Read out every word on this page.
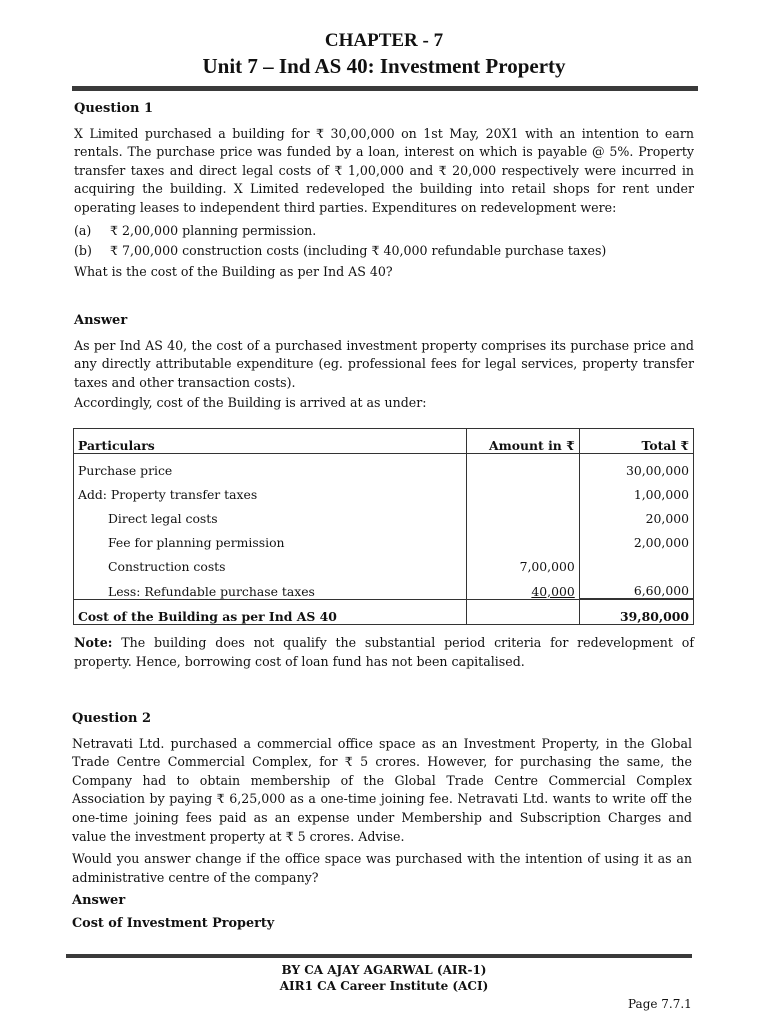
CHAPTER - 7
Unit 7 – Ind AS 40: Investment Property
Question 1

X Limited purchased a building for ₹ 30,00,000 on 1st May, 20X1 with an intention to earn rentals. The purchase price was funded by a loan, interest on which is payable @ 5%. Property transfer taxes and direct legal costs of ₹ 1,00,000 and ₹ 20,000 respectively were incurred in acquiring the building. X Limited redeveloped the building into retail shops for rent under operating leases to independent third parties. Expenditures on redevelopment were:

(a)	₹ 2,00,000 planning permission.
(b)	₹ 7,00,000 construction costs (including ₹ 40,000 refundable purchase taxes)

What is the cost of the Building as per Ind AS 40?

Answer

As per Ind AS 40, the cost of a purchased investment property comprises its purchase price and any directly attributable expenditure (eg. professional fees for legal services, property transfer taxes and other transaction costs).

Accordingly, cost of the Building is arrived at as under:

Particulars	Amount in ₹	Total ₹
Purchase price		30,00,000
Add: Property transfer taxes		1,00,000
Direct legal costs		20,000
Fee for planning permission		2,00,000
Construction costs	7,00,000	
Less: Refundable purchase taxes	40,000	6,60,000
Cost of the Building as per Ind AS 40		39,80,000

Note: The building does not qualify the substantial period criteria for redevelopment of property. Hence, borrowing cost of loan fund has not been capitalised.

Question 2

Netravati Ltd. purchased a commercial office space as an Investment Property, in the Global Trade Centre Commercial Complex, for ₹ 5 crores. However, for purchasing the same, the Company had to obtain membership of the Global Trade Centre Commercial Complex Association by paying ₹ 6,25,000 as a one-time joining fee. Netravati Ltd. wants to write off the one-time joining fees paid as an expense under Membership and Subscription Charges and value the investment property at ₹ 5 crores. Advise.

Would you answer change if the office space was purchased with the intention of using it as an administrative centre of the company?

Answer
Cost of Investment Property
BY CA AJAY AGARWAL (AIR-1)
AIR1 CA Career Institute (ACI)
Page 7.7.1
